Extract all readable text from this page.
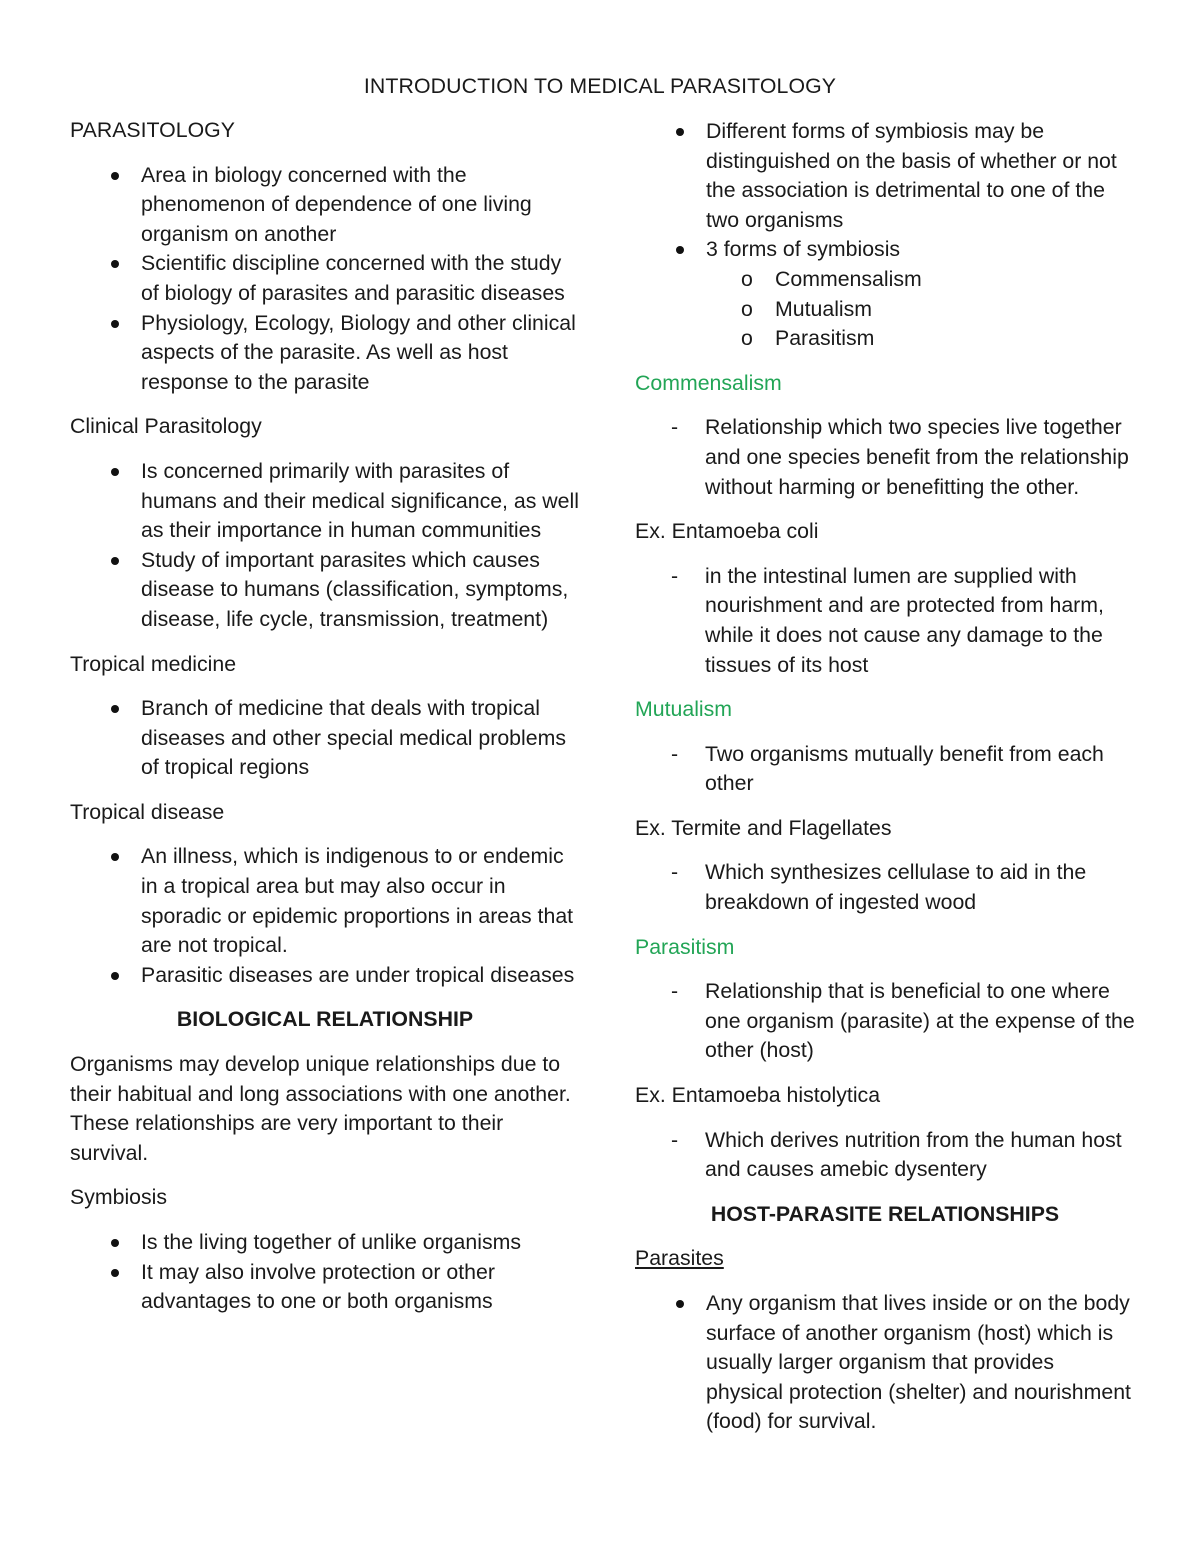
INTRODUCTION TO MEDICAL PARASITOLOGY
PARASITOLOGY
Area in biology concerned with the phenomenon of dependence of one living organism on another
Scientific discipline concerned with the study of biology of parasites and parasitic diseases
Physiology, Ecology, Biology and other clinical aspects of the parasite. As well as host response to the parasite
Clinical Parasitology
Is concerned primarily with parasites of humans and their medical significance, as well as their importance in human communities
Study of important parasites which causes disease to humans (classification, symptoms, disease, life cycle, transmission, treatment)
Tropical medicine
Branch of medicine that deals with tropical diseases and other special medical problems of tropical regions
Tropical disease
An illness, which is indigenous to or endemic in a tropical area but may also occur in sporadic or epidemic proportions in areas that are not tropical.
Parasitic diseases are under tropical diseases
BIOLOGICAL RELATIONSHIP

Organisms may develop unique relationships due to their habitual and long associations with one another. These relationships are very important to their survival.

Symbiosis
Is the living together of unlike organisms
It may also involve protection or other advantages to one or both organisms
Different forms of symbiosis may be distinguished on the basis of whether or not the association is detrimental to one of the two organisms
3 forms of symbiosis
o Commensalism
o Mutualism
o Parasitism
Commensalism
- Relationship which two species live together and one species benefit from the relationship without harming or benefitting the other.
Ex. Entamoeba coli
- in the intestinal lumen are supplied with nourishment and are protected from harm, while it does not cause any damage to the tissues of its host
Mutualism
- Two organisms mutually benefit from each other
Ex. Termite and Flagellates
- Which synthesizes cellulase to aid in the breakdown of ingested wood
Parasitism
- Relationship that is beneficial to one where one organism (parasite) at the expense of the other (host)
Ex. Entamoeba histolytica
- Which derives nutrition from the human host and causes amebic dysentery
HOST-PARASITE RELATIONSHIPS
Parasites
Any organism that lives inside or on the body surface of another organism (host) which is usually larger organism that provides physical protection (shelter) and nourishment (food) for survival.
